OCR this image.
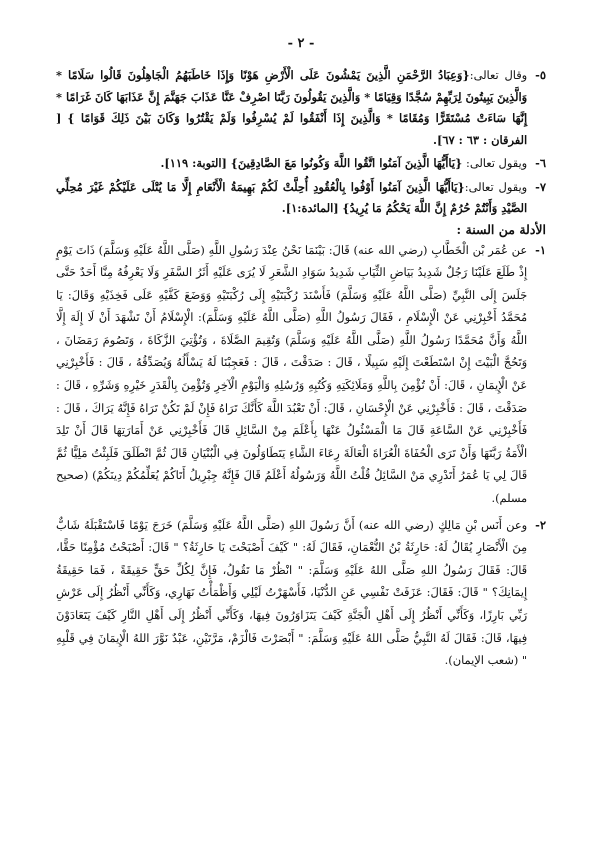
- ٢ -
٥-
وقال تعالى:{وَعِبَادُ الرَّحْمَنِ الَّذِينَ يَمْشُونَ عَلَى الْأَرْضِ هَوْنًا وَإِذَا خَاطَبَهُمُ الْجَاهِلُونَ قَالُوا سَلَامًا * وَالَّذِينَ يَبِيتُونَ لِرَبِّهِمْ سُجَّدًا وَقِيَامًا * وَالَّذِينَ يَقُولُونَ رَبَّنَا اصْرِفْ عَنَّا عَذَابَ جَهَنَّمَ إِنَّ عَذَابَهَا كَانَ غَرَامًا * إِنَّهَا سَاءَتْ مُسْتَقَرًّا وَمُقَامًا * وَالَّذِينَ إِذَا أَنْفَقُوا لَمْ يُسْرِفُوا وَلَمْ يَقْتُرُوا وَكَانَ بَيْنَ ذَلِكَ قَوَامًا } [ الفرقان : ٦٣ : ٦٧].
٦-
ويقول تعالى: {يَاأَيُّهَا الَّذِينَ آمَنُوا اتَّقُوا اللَّهَ وَكُونُوا مَعَ الصَّادِقِينَ} [التوبة: ١١٩].
٧-
ويقول تعالى:{يَاأَيُّهَا الَّذِينَ آمَنُوا أَوْفُوا بِالْعُقُودِ أُحِلَّتْ لَكُمْ بَهِيمَةُ الْأَنْعَامِ إِلَّا مَا يُتْلَى عَلَيْكُمْ غَيْرَ مُحِلِّي الصَّيْدِ وَأَنْتُمْ حُرُمٌ إِنَّ اللَّهَ يَحْكُمُ مَا يُرِيدُ} [المائدة:١].
الأدلة من السنة :
١-
عن عُمَر بْن الْخَطَّابِ (رضي الله عنه) قَالَ: بَيْنَمَا نَحْنُ عِنْدَ رَسُولِ اللَّهِ (صَلَّى اللَّهُ عَلَيْهِ وَسَلَّمَ) ذَاتَ يَوْمٍ إِذْ طَلَعَ عَلَيْنَا رَجُلٌ شَدِيدُ بَيَاضِ الثِّيَابِ شَدِيدُ سَوَادِ الشَّعَرِ لَا يُرَى عَلَيْهِ أَثَرُ السَّفَرِ وَلَا يَعْرِفُهُ مِنَّا أَحَدٌ حَتَّى جَلَسَ إِلَى النَّبِيِّ (صَلَّى اللَّهُ عَلَيْهِ وَسَلَّمَ) فَأَسْنَدَ رُكْبَتَيْهِ إِلَى رُكْبَتَيْهِ وَوَضَعَ كَفَّيْهِ عَلَى فَخِذَيْهِ وَقَالَ: يَا مُحَمَّدُ أَخْبِرْنِي عَنْ الْإِسْلَامِ ، فَقَالَ رَسُولُ اللَّهِ (صَلَّى اللَّهُ عَلَيْهِ وَسَلَّمَ): الْإِسْلَامُ أَنْ تَشْهَدَ أَنْ لَا إِلَهَ إِلَّا اللَّهُ وَأَنَّ مُحَمَّدًا رَسُولُ اللَّهِ (صَلَّى اللَّهُ عَلَيْهِ وَسَلَّمَ) وَتُقِيمَ الصَّلَاةَ ، وَتُؤْتِيَ الزَّكَاةَ ، وَتَصُومَ رَمَضَانَ ، وَتَحُجَّ الْبَيْتَ إِنْ اسْتَطَعْتَ إِلَيْهِ سَبِيلًا ، قَالَ : صَدَقْتَ ، قَالَ : فَعَجِبْنَا لَهُ يَسْأَلُهُ وَيُصَدِّقُهُ ، قَالَ : فَأَخْبِرْنِي عَنْ الْإِيمَانِ ، قَالَ: أَنْ تُؤْمِنَ بِاللَّهِ وَمَلَائِكَتِهِ وَكُتُبِهِ وَرُسُلِهِ وَالْيَوْمِ الْآخِرِ وَتُؤْمِنَ بِالْقَدَرِ خَيْرِهِ وَشَرِّهِ ، قَالَ : صَدَقْتَ ، قَالَ : فَأَخْبِرْنِي عَنْ الْإِحْسَانِ ، قَالَ: أَنْ تَعْبُدَ اللَّهَ كَأَنَّكَ تَرَاهُ فَإِنْ لَمْ تَكُنْ تَرَاهُ فَإِنَّهُ يَرَاكَ ، قَالَ : فَأَخْبِرْنِي عَنْ السَّاعَةِ قَالَ مَا الْمَسْئُولُ عَنْهَا بِأَعْلَمَ مِنْ السَّائِلِ قَالَ فَأَخْبِرْنِي عَنْ أَمَارَتِهَا قَالَ أَنْ تَلِدَ الْأَمَةُ رَبَّتَهَا وَأَنْ تَرَى الْحُفَاةَ الْعُرَاةَ الْعَالَةَ رِعَاءَ الشَّاءِ يَتَطَاوَلُونَ فِي الْبُنْيَانِ قَالَ ثُمَّ انْطَلَقَ فَلَبِثْتُ مَلِيًّا ثُمَّ قَالَ لِي يَا عُمَرُ أَتَدْرِي مَنْ السَّائِلُ قُلْتُ اللَّهُ وَرَسُولُهُ أَعْلَمُ قَالَ فَإِنَّهُ جِبْرِيلُ أَتَاكُمْ يُعَلِّمُكُمْ دِينَكُمْ) (صحيح مسلم).
٢-
وعن أَنَس بْنِ مَالِكٍ (رضي الله عنه) أَنَّ رَسُولَ اللهِ (صَلَّى اللَّهُ عَلَيْهِ وَسَلَّمَ) خَرَجَ يَوْمًا فَاسْتَقْبَلَهُ شَابٌّ مِنَ الْأَنْصَارِ يُقَالُ لَهُ: حَارِثَةُ بْنُ النُّعْمَانِ، فَقَالَ لَهُ: " كَيْفَ أَصْبَحْتَ يَا حَارِثَةُ؟ " قَالَ: أَصْبَحْتُ مُؤْمِنًا حَقًّا، قَالَ: فَقَالَ رَسُولُ اللهِ صَلَّى اللهُ عَلَيْهِ وَسَلَّمَ: " انْظُرْ مَا تَقُولُ، فَإِنَّ لِكُلِّ حَقٍّ حَقِيقَةً ، فَمَا حَقِيقَةُ إِيمَانِكَ؟ " قَالَ: فَقَالَ: عَزَفَتْ نَفْسِي عَنِ الدُّنْيَا، فَأَسْهَرْتُ لَيْلِي وَأَظْمَأْتُ نَهَارِي، وَكَأَنِّي أَنْظُرُ إِلَى عَرْشِ رَبِّي بَارِزًا، وَكَأَنِّي أَنْظُرُ إِلَى أَهْلِ الْجَنَّةِ كَيْفَ يَتَزَاوَرُونَ فِيهَا، وَكَأَنِّي أَنْظُرُ إِلَى أَهْلِ النَّارِ كَيْفَ يَتَعَادَوْنَ فِيهَا، قَالَ: فَقَالَ لَهُ النَّبِيُّ صَلَّى اللهُ عَلَيْهِ وَسَلَّمَ: " أَبْصَرْتَ فَالْزَمْ، مَرَّتَيْنِ، عَبْدٌ نَوَّرَ اللهُ الْإِيمَانَ فِي قَلْبِهِ " (شعب الإيمان).
